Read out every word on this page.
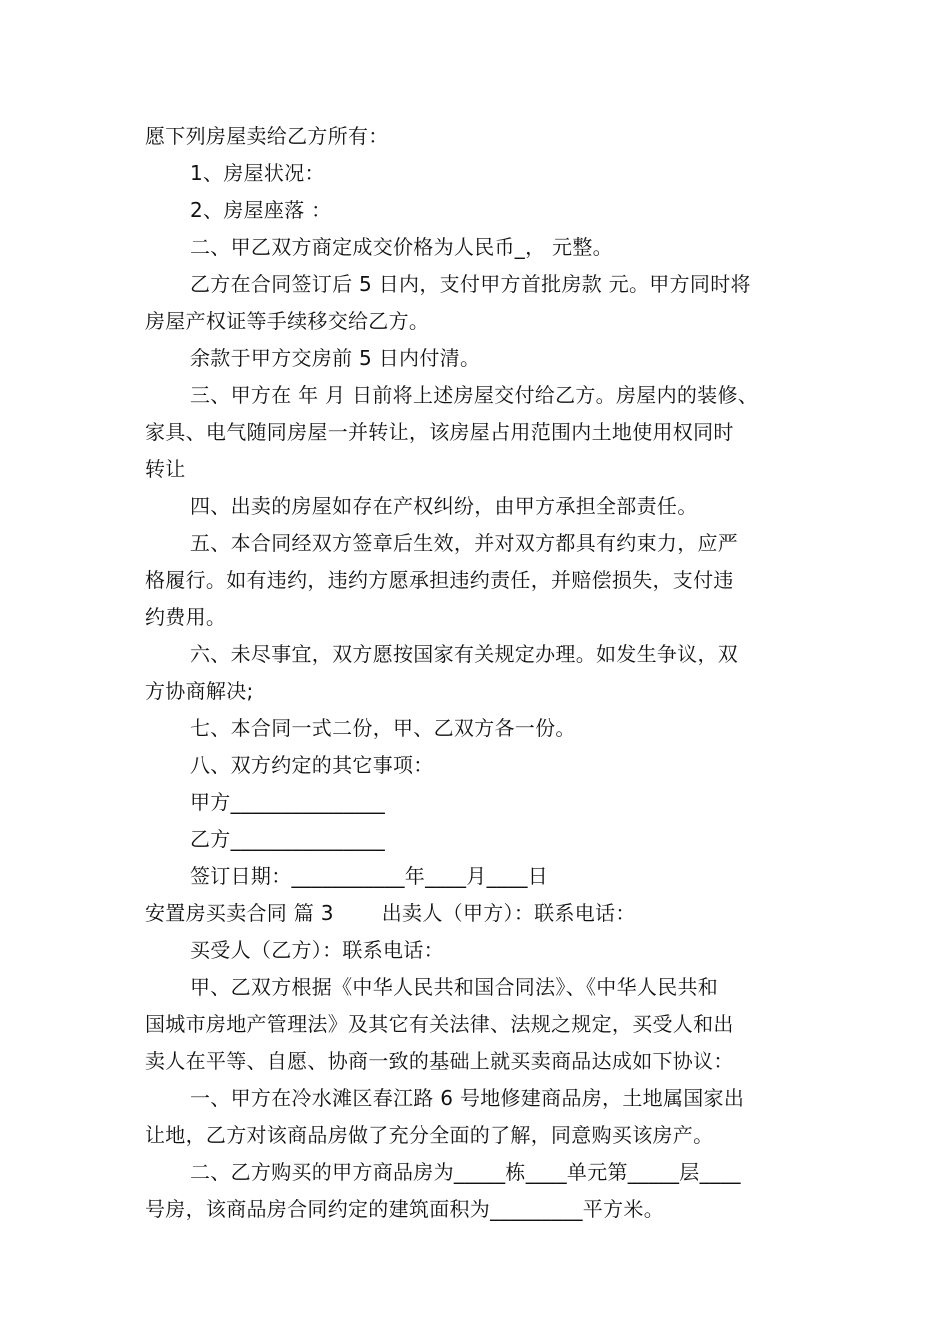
愿下列房屋卖给乙方所有：
1、房屋状况：
2、房屋座落 ：
二、甲乙双方商定成交价格为人民币_， 元整。
乙方在合同签订后 5 日内，支付甲方首批房款 元。甲方同时将
房屋产权证等手续移交给乙方。
余款于甲方交房前 5 日内付清。
三、甲方在 年 月 日前将上述房屋交付给乙方。房屋内的装修、
家具、电气随同房屋一并转让，该房屋占用范围内土地使用权同时
转让
四、出卖的房屋如存在产权纠纷，由甲方承担全部责任。
五、本合同经双方签章后生效，并对双方都具有约束力，应严
格履行。如有违约，违约方愿承担违约责任，并赔偿损失，支付违
约费用。
六、未尽事宜，双方愿按国家有关规定办理。如发生争议，双
方协商解决;
七、本合同一式二份，甲、乙双方各一份。
八、双方约定的其它事项：
甲方_______________
乙方_______________
签订日期：___________年____月____日
安置房买卖合同 篇 3 出卖人（甲方）：联系电话：
买受人（乙方）：联系电话：
甲、乙双方根据《中华人民共和国合同法》、《中华人民共和
国城市房地产管理法》及其它有关法律、法规之规定，买受人和出
卖人在平等、自愿、协商一致的基础上就买卖商品达成如下协议：
一、甲方在冷水滩区春江路 6 号地修建商品房，土地属国家出
让地，乙方对该商品房做了充分全面的了解，同意购买该房产。
二、乙方购买的甲方商品房为_____栋____单元第_____层____
号房，该商品房合同约定的建筑面积为_________平方米。
